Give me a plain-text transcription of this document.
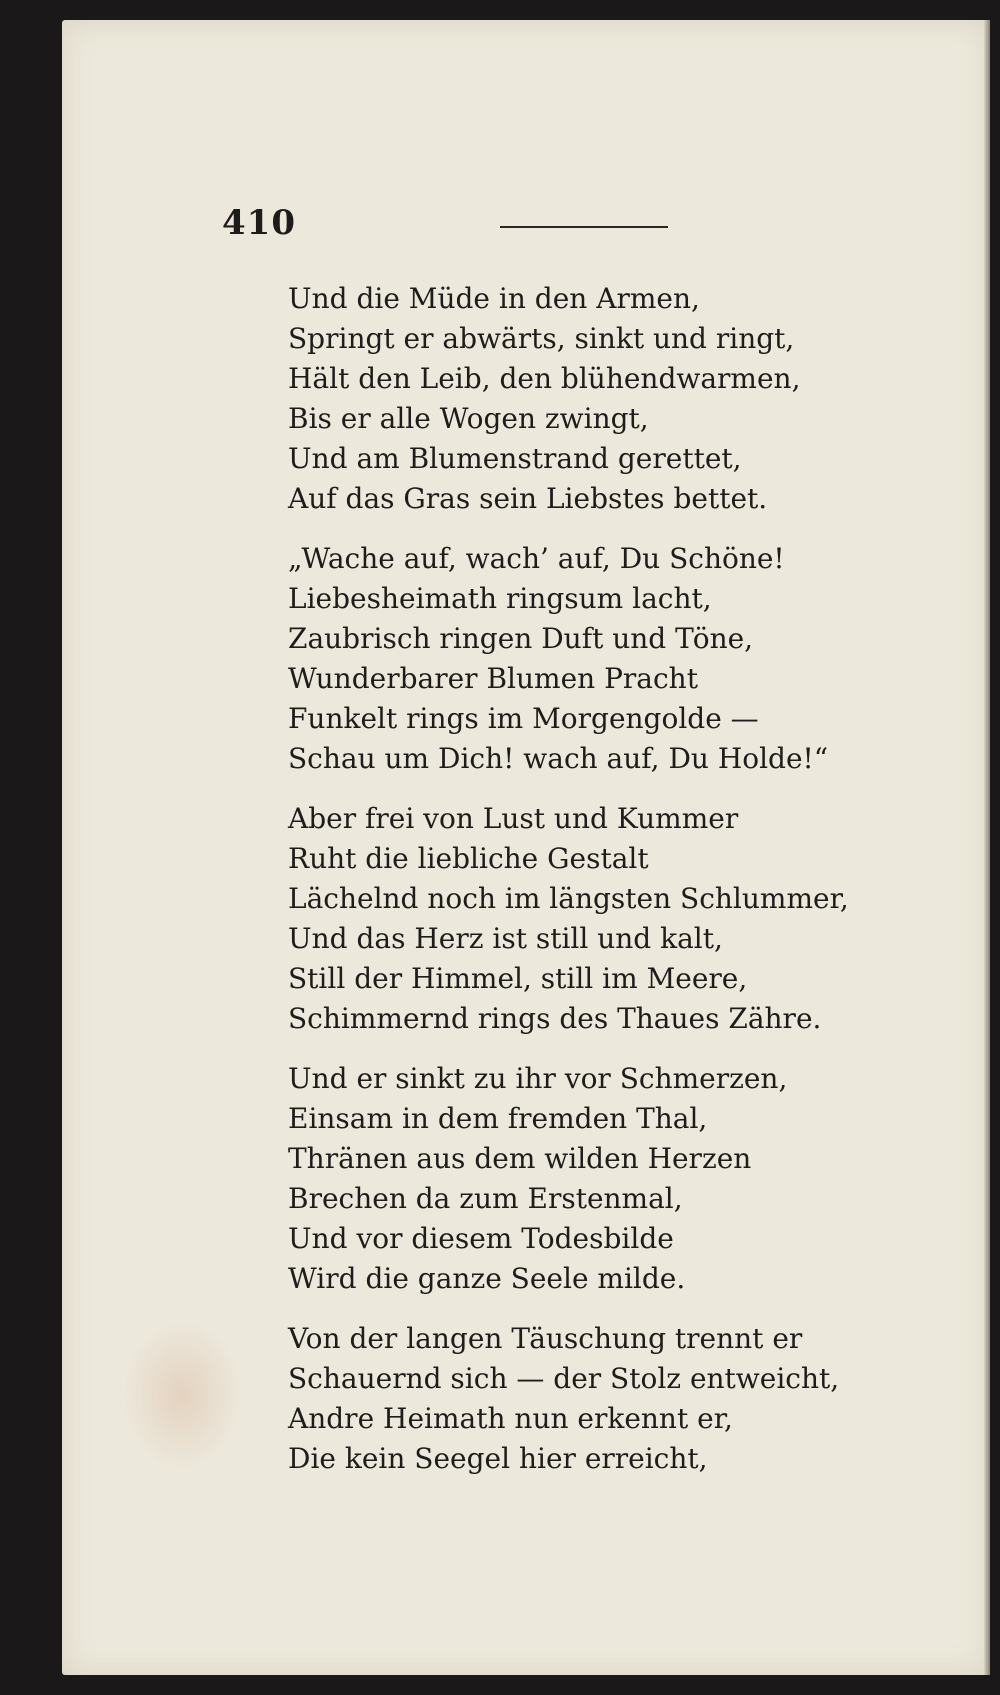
410
Und die Müde in den Armen,
Springt er abwärts, sinkt und ringt,
Hält den Leib, den blühendwarmen,
Bis er alle Wogen zwingt,
Und am Blumenstrand gerettet,
Auf das Gras sein Liebstes bettet.
„Wache auf, wach’ auf, Du Schöne!
Liebesheimath ringsum lacht,
Zaubrisch ringen Duft und Töne,
Wunderbarer Blumen Pracht
Funkelt rings im Morgengolde —
Schau um Dich! wach auf, Du Holde!“
Aber frei von Lust und Kummer
Ruht die liebliche Gestalt
Lächelnd noch im längsten Schlummer,
Und das Herz ist still und kalt,
Still der Himmel, still im Meere,
Schimmernd rings des Thaues Zähre.
Und er sinkt zu ihr vor Schmerzen,
Einsam in dem fremden Thal,
Thränen aus dem wilden Herzen
Brechen da zum Erstenmal,
Und vor diesem Todesbilde
Wird die ganze Seele milde.
Von der langen Täuschung trennt er
Schauernd sich — der Stolz entweicht,
Andre Heimath nun erkennt er,
Die kein Seegel hier erreicht,
